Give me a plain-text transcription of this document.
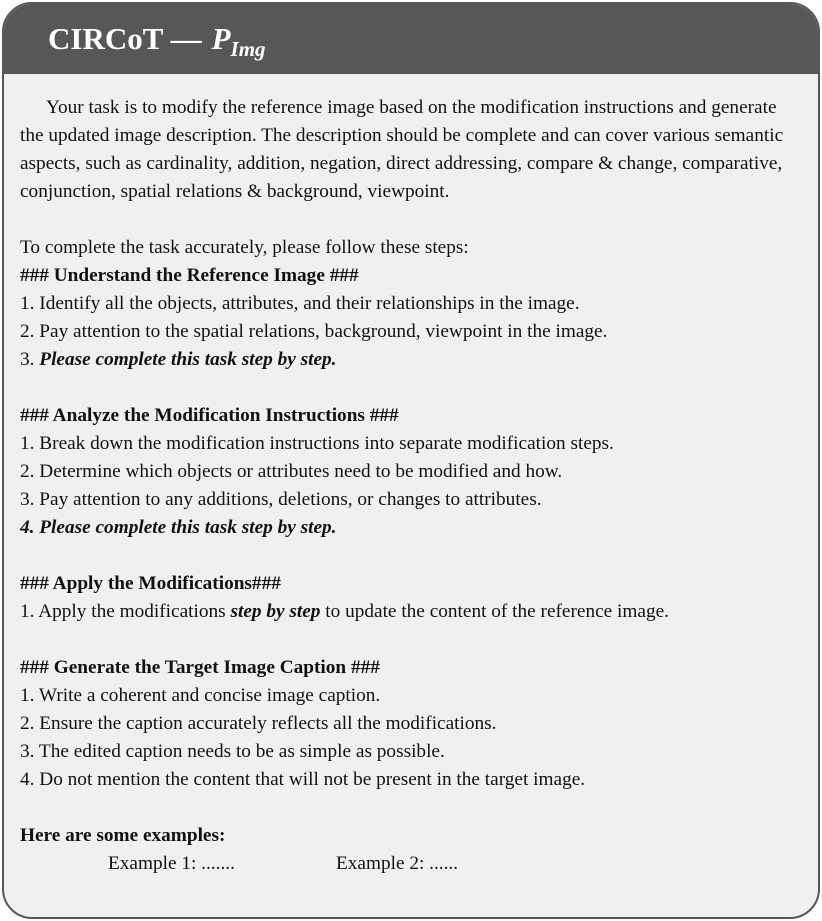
CIRCoT — $P_{Img}$

Your task is to modify the reference image based on the modification instructions and generate the updated image description. The description should be complete and can cover various semantic aspects, such as cardinality, addition, negation, direct addressing, compare & change, comparative, conjunction, spatial relations & background, viewpoint.

To complete the task accurately, please follow these steps:

### Understand the Reference Image ###

1. Identify all the objects, attributes, and their relationships in the image.

2. Pay attention to the spatial relations, background, viewpoint in the image.

3. Please complete this task step by step.

### Analyze the Modification Instructions ###

1. Break down the modification instructions into separate modification steps.

2. Determine which objects or attributes need to be modified and how.

3. Pay attention to any additions, deletions, or changes to attributes.

4. Please complete this task step by step.

### Apply the Modifications###

1. Apply the modifications step by step to update the content of the reference image.

### Generate the Target Image Caption ###

1. Write a coherent and concise image caption.

2. Ensure the caption accurately reflects all the modifications.

3. The edited caption needs to be as simple as possible.

4. Do not mention the content that will not be present in the target image.

Here are some examples:

Example 1: .......	Example 2: ......
